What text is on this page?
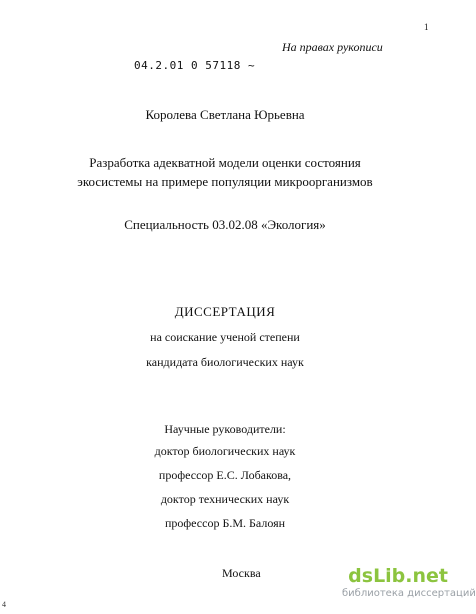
1
На правах рукописи
04.2.01 0 57118 ~
Королева Светлана Юрьевна
Разработка адекватной модели оценки состояния
экосистемы на примере популяции микроорганизмов
Специальность 03.02.08 «Экология»
ДИССЕРТАЦИЯ
на соискание ученой степени
кандидата биологических наук
Научные руководители:
доктор биологических наук
профессор Е.С. Лобакова,
доктор технических наук
профессор Б.М. Балоян
Москва	dsLib.net
библиотека диссертаций
4
